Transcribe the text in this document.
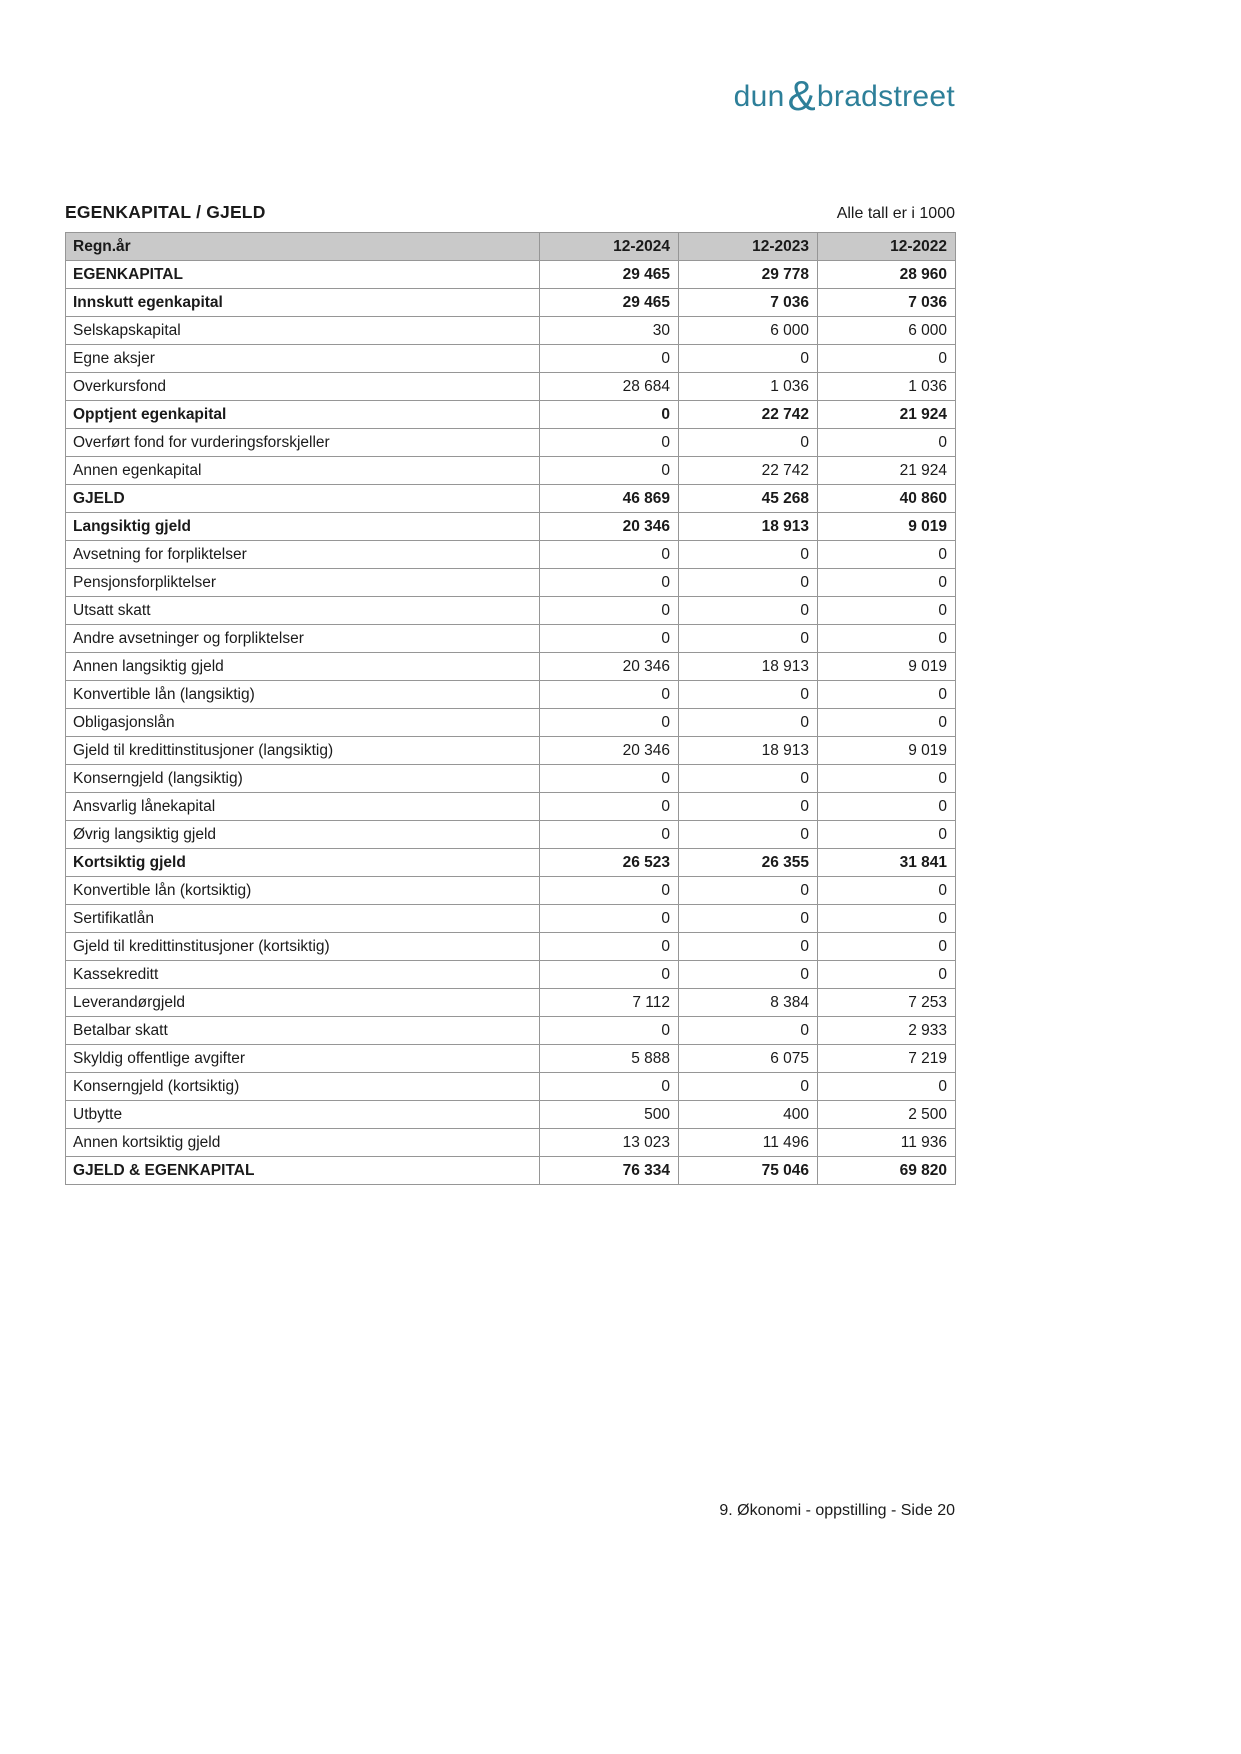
dun&bradstreet
EGENKAPITAL / GJELD	Alle tall er i 1000
Regn.år	12-2024	12-2023	12-2022
EGENKAPITAL	29 465	29 778	28 960
Innskutt egenkapital	29 465	7 036	7 036
Selskapskapital	30	6 000	6 000
Egne aksjer	0	0	0
Overkursfond	28 684	1 036	1 036
Opptjent egenkapital	0	22 742	21 924
Overført fond for vurderingsforskjeller	0	0	0
Annen egenkapital	0	22 742	21 924
GJELD	46 869	45 268	40 860
Langsiktig gjeld	20 346	18 913	9 019
Avsetning for forpliktelser	0	0	0
Pensjonsforpliktelser	0	0	0
Utsatt skatt	0	0	0
Andre avsetninger og forpliktelser	0	0	0
Annen langsiktig gjeld	20 346	18 913	9 019
Konvertible lån (langsiktig)	0	0	0
Obligasjonslån	0	0	0
Gjeld til kredittinstitusjoner (langsiktig)	20 346	18 913	9 019
Konserngjeld (langsiktig)	0	0	0
Ansvarlig lånekapital	0	0	0
Øvrig langsiktig gjeld	0	0	0
Kortsiktig gjeld	26 523	26 355	31 841
Konvertible lån (kortsiktig)	0	0	0
Sertifikatlån	0	0	0
Gjeld til kredittinstitusjoner (kortsiktig)	0	0	0
Kassekreditt	0	0	0
Leverandørgjeld	7 112	8 384	7 253
Betalbar skatt	0	0	2 933
Skyldig offentlige avgifter	5 888	6 075	7 219
Konserngjeld (kortsiktig)	0	0	0
Utbytte	500	400	2 500
Annen kortsiktig gjeld	13 023	11 496	11 936
GJELD & EGENKAPITAL	76 334	75 046	69 820
9. Økonomi - oppstilling - Side 20
